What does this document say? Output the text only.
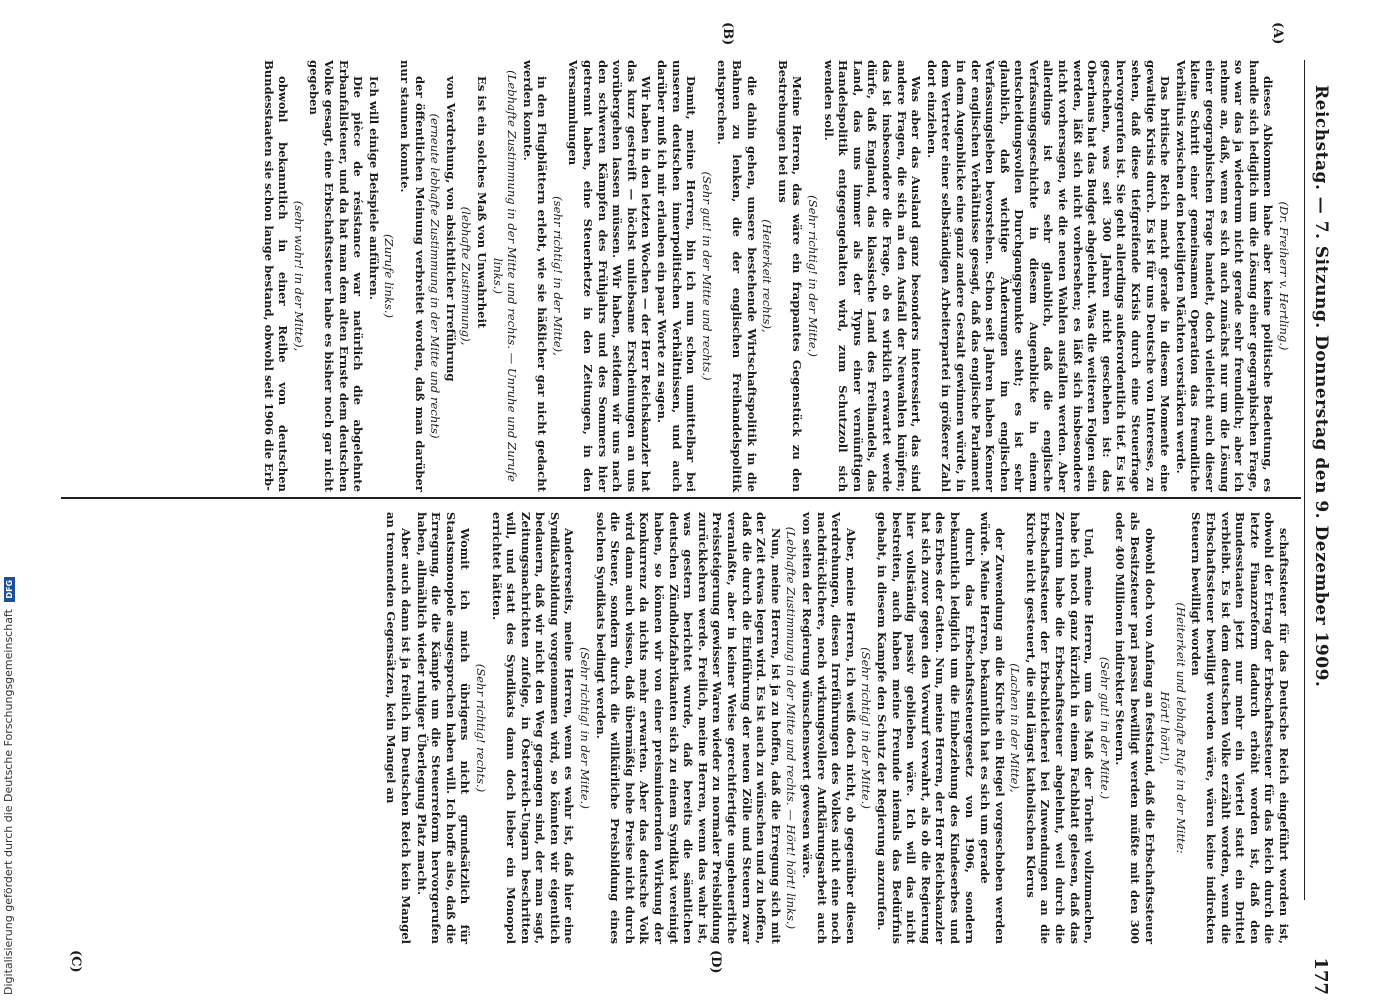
Reichstag. — 7. Sitzung. Donnerstag den 9. Dezember 1909.
177
(A)
(B)
(C)	(D)

(Dr. Freiherr v. Hertling.)

dieses Abkommen habe aber keine politische Bedeutung, es handle sich lediglich um die Lösung einer geographischen Frage, so war das ja wiederum nicht gerade sehr freundlich; aber ich nehme an, daß, wenn es sich auch zunächst nur um die Lösung einer geographischen Frage handelt, doch vielleicht auch dieser kleine Schritt einer gemeinsamen Operation das freundliche Verhältnis zwischen den beteiligten Mächten verstärken werde.

Das britische Reich macht gerade in diesem Momente eine gewaltige Krisis durch. Es ist für uns Deutsche von Interesse, zu sehen, daß diese tiefgreifende Krisis durch eine Steuerfrage hervorgerufen ist. Sie geht allerdings außerordentlich tief. Es ist geschehen, was seit 300 Jahren nicht geschehen ist: das Oberhaus hat das Budget abgelehnt. Was die weiteren Folgen sein werden, läßt sich nicht vorhersehen; es läßt sich insbesondere nicht vorhersagen, wie die neuen Wahlen ausfallen werden. Aber allerdings ist es sehr glaublich, daß die englische Verfassungsgeschichte in diesem Augenblicke in einem entscheidungsvollen Durchgangspunkte steht; es ist sehr glaublich, daß wichtige Änderungen im englischen Verfassungsleben bevorstehen. Schon seit Jahren haben Kenner der englischen Verhältnisse gesagt, daß das englische Parlament in dem Augenblicke eine ganz andere Gestalt gewinnen würde, in dem Vertreter einer selbständigen Arbeiterpartei in größerer Zahl dort einziehen.

Was aber das Ausland ganz besonders interessiert, das sind andere Fragen, die sich an den Ausfall der Neuwahlen knüpfen; das ist insbesondere die Frage, ob es wirklich erwartet werde dürfe, daß England, das klassische Land des Freihandels, das Land, das uns immer als der Typus einer vernünftigen Handelspolitik entgegengehalten wird, zum Schutzzoll sich wenden soll.

(Sehr richtig! in der Mitte.)

Meine Herren, das wäre ein frappantes Gegenstück zu den Bestrebungen bei uns

(Heiterkeit rechts),

die dahin gehen, unsere bestehende Wirtschaftspolitik in die Bahnen zu lenken, die der englischen Freihandelspolitik entsprechen.

(Sehr gut! in der Mitte und rechts.)

Damit, meine Herren, bin ich nun schon unmittelbar bei unseren deutschen innerpolitischen Verhältnissen, und auch darüber muß ich mir erlauben ein paar Worte zu sagen.

Wir haben in den letzten Wochen — der Herr Reichskanzler hat das kurz gestreift — höchst unliebsame Erscheinungen an uns vorübergehen lassen müssen. Wir haben, seitdem wir uns nach den schweren Kämpfen des Frühjahrs und des Sommers hier getrennt haben, eine Steuerhetze in den Zeitungen, in den Versammlungen

(sehr richtig! in der Mitte),

in den Flugblättern erlebt, wie sie häßlicher gar nicht gedacht werden konnte.

(Lebhafte Zustimmung in der Mitte und rechts. — Unruhe und Zurufe links.)

Es ist ein solches Maß von Unwahrheit

(lebhafte Zustimmung),

von Verdrehung, von absichtlicher Irreführung

(erneute lebhafte Zustimmung in der Mitte und rechts)

der öffentlichen Meinung verbreitet worden, daß man darüber nur staunen konnte.

(Zurufe links.)

Ich will einige Beispiele anführen.

Die pièce de résistance war natürlich die abgelehnte Erbanfallsteuer, und da hat man dem alten Ernste dem deutschen Volke gesagt, eine Erbschaftssteuer habe es bisher noch gar nicht gegeben

(sehr wahr! in der Mitte),

obwohl bekanntlich in einer Reihe von deutschen Bundesstaaten sie schon lange bestand, obwohl seit 1906 die Erb-

schaftssteuer für das Deutsche Reich eingeführt worden ist, obwohl der Ertrag der Erbschaftssteuer für das Reich durch die letzte Finanzreform dadurch erhöht worden ist, daß den Bundesstaaten jetzt nur mehr ein Viertel statt ein Drittel verbleibt. Es ist dem deutschen Volke erzählt worden, wenn die Erbschaftssteuer bewilligt worden wäre, wären keine indirekten Steuern bewilligt worden

(Heiterkeit und lebhafte Rufe in der Mitte:

Hört! hört!),

obwohl doch von Anfang an feststand, daß die Erbschaftssteuer als Besitzsteuer pari passu bewilligt werden müßte mit den 300 oder 400 Millionen indirekter Steuern.

(Sehr gut! in der Mitte.)

Und, meine Herren, um das Maß der Torheit vollzumachen, habe ich noch ganz kürzlich in einem Fachblatt gelesen, daß das Zentrum habe die Erbschaftssteuer abgelehnt, weil durch die Erbschaftssteuer der Erbschleicherei bei Zuwendungen an die Kirche nicht gesteuert, die sind längst katholischen Klerus

(Lachen in der Mitte),

der Zuwendung an die Kirche ein Riegel vorgeschoben werden würde. Meine Herren, bekanntlich hat es sich um gerade

durch das Erbschaftssteuergesetz von 1906, sondern bekanntlich lediglich um die Einbeziehung des Kindeserbes und des Erbes der Gatten. Nun, meine Herren, der Herr Reichskanzler hat sich zuvor gegen den Vorwurf verwahrt, als ob die Regierung hier vollständig passiv geblieben wäre. Ich will das nicht bestreiten, auch haben meine Freunde niemals das Bedürfnis gehabt, in diesem Kampfe den Schutz der Regierung anzurufen.

(Sehr richtig! in der Mitte.)

Aber, meine Herren, ich weiß doch nicht, ob gegenüber diesen Verdrehungen, diesen Irreführungen des Volkes nicht eine noch nachdrücklichere, noch wirkungsvollere Aufklärungsarbeit auch von seiten der Regierung wünschenswert gewesen wäre.

(Lebhafte Zustimmung in der Mitte und rechts. — Hört! hört! links.)

Nun, meine Herren, ist ja zu hoffen, daß die Erregung sich mit der Zeit etwas legen wird. Es ist auch zu wünschen und zu hoffen, daß die durch die Einführung der neuen Zölle und Steuern zwar veranlaßte, aber in keiner Weise gerechtfertigte ungeheuerliche Preissteigerung gewisser Waren wieder zu normaler Preisbildung zurückkehren werde. Freilich, meine Herren, wenn das wahr ist, was gestern berichtet wurde, daß bereits die sämtlichen deutschen Zündholzfabrikanten sich zu einem Syndikat vereinigt haben, so können wir von einer preismindernden Wirkung der Konkurrenz da nichts mehr erwarten. Aber das deutsche Volk wird dann auch wissen, daß übermäßig hohe Preise nicht durch die Steuer, sondern durch die willkürliche Preisbildung eines solchen Syndikats bedingt werden.

(Sehr richtig! in der Mitte.)

Andererseits, meine Herren, wenn es wahr ist, daß hier eine Syndikatsbildung vorgenommen wird, so könnten wir eigentlich bedauern, daß wir nicht den Weg gegangen sind, der man sagt, Zeitungsnachrichten zufolge, in Österreich-Ungarn beschritten will, und statt des Syndikats dann doch lieber ein Monopol errichtet hätten.

(Sehr richtig! rechts.)

Womit ich mich übrigens nicht grundsätzlich für Staatsmonopole ausgesprochen haben will. Ich hoffe also, daß die Erregung, die die Kämpfe um die Steuerreform hervorgerufen haben, allmählich wieder ruhiger Überlegung Platz macht.

Aber auch dann ist ja freilich im Deutschen Reich kein Mangel an trennenden Gegensätzen, kein Mangel an

Digitalisierung gefördert durch die Deutsche Forschungsgemeinschaft DFG
